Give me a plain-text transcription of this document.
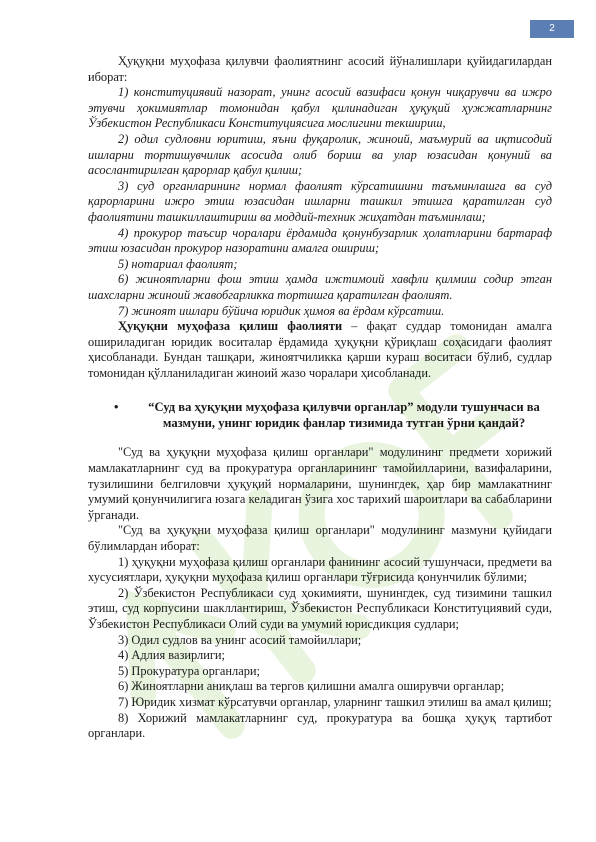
2

Ҳуқуқни муҳофаза қилувчи фаолиятнинг асосий йўналишлари қуйидагилардан иборат:

1) конституциявий назорат, унинг асосий вазифаси қонун чиқарувчи ва ижро этувчи ҳокимиятлар томонидан қабул қилинадиган ҳуқуқий ҳужжатларнинг Ўзбекистон Республикаси Конституциясига мослигини текшириш,

2) одил судловни юритиш, яъни фуқаролик, жиноий, маъмурий ва иқтисодий ишларни тортишувчилик асосида олиб бориш ва улар юзасидан қонуний ва асослантирилган қарорлар қабул қилиш;

3) суд органларининг нормал фаолият кўрсатишини таъминлашга ва суд қарорларини ижро этиш юзасидан ишларни ташкил этишга қаратилган суд фаолиятини ташкиллаштириш ва моддий-техник жиҳатдан таъминлаш;

4) прокурор таъсир чоралари ёрдамида қонунбузарлик ҳолатларини бартараф этиш юзасидан прокурор назоратини амалга ошириш;

5) нотариал фаолият;

6) жиноятларни фош этиш ҳамда ижтимоий хавфли қилмиш содир этган шахсларни жиноий жавобгарликка тортишга қаратилган фаолият.

7) жиноят ишлари бўйича юридик ҳимоя ва ёрдам кўрсатиш.

Ҳуқуқни муҳофаза қилиш фаолияти – фақат суддар томонидан амалга ошириладиган юридик воситалар ёрдамида ҳуқуқни қўриқлаш соҳасидаги фаолият ҳисобланади. Бундан ташқари, жиноятчиликка қарши кураш воситаси бўлиб, судлар томонидан қўлланиладиган жиноий жазо чоралари ҳисобланади.

•	“Суд ва ҳуқуқни муҳофаза қилувчи органлар” модули тушунчаси ва мазмуни, унинг юридик фанлар тизимида тутган ўрни қандай?

"Суд ва ҳуқуқни муҳофаза қилиш органлари" модулининг предмети хорижий мамлакатларнинг суд ва прокуратура органларининг тамойилларини, вазифаларини, тузилишини белгиловчи ҳуқуқий нормаларини, шунингдек, ҳар бир мамлакатнинг умумий қонунчилигига юзага келадиган ўзига хос тарихий шароитлари ва сабабларини ўрганади.

"Суд ва ҳуқуқни муҳофаза қилиш органлари" модулининг мазмуни қуйидаги бўлимлардан иборат:

1) ҳуқуқни муҳофаза қилиш органлари фанининг асосий тушунчаси, предмети ва хусусиятлари, ҳуқуқни муҳофаза қилиш органлари тўғрисида қонунчилик бўлими;

2) Ўзбекистон Республикаси суд ҳокимияти, шунингдек, суд тизимини ташкил этиш, суд корпусини шакллантириш, Ўзбекистон Республикаси Конституциявий суди, Ўзбекистон Республикаси Олий суди ва умумий юрисдикция судлари;

3) Одил судлов ва унинг асосий тамойиллари;

4) Адлия вазирлиги;

5) Прокуратура органлари;

6) Жиноятларни аниқлаш ва тергов қилишни амалга оширувчи органлар;

7) Юридик хизмат кўрсатувчи органлар, уларнинг ташкил этилиш ва амал қилиш;

8) Хорижий мамлакатларнинг суд, прокуратура ва бошқа ҳуқуқ тартибот органлари.
